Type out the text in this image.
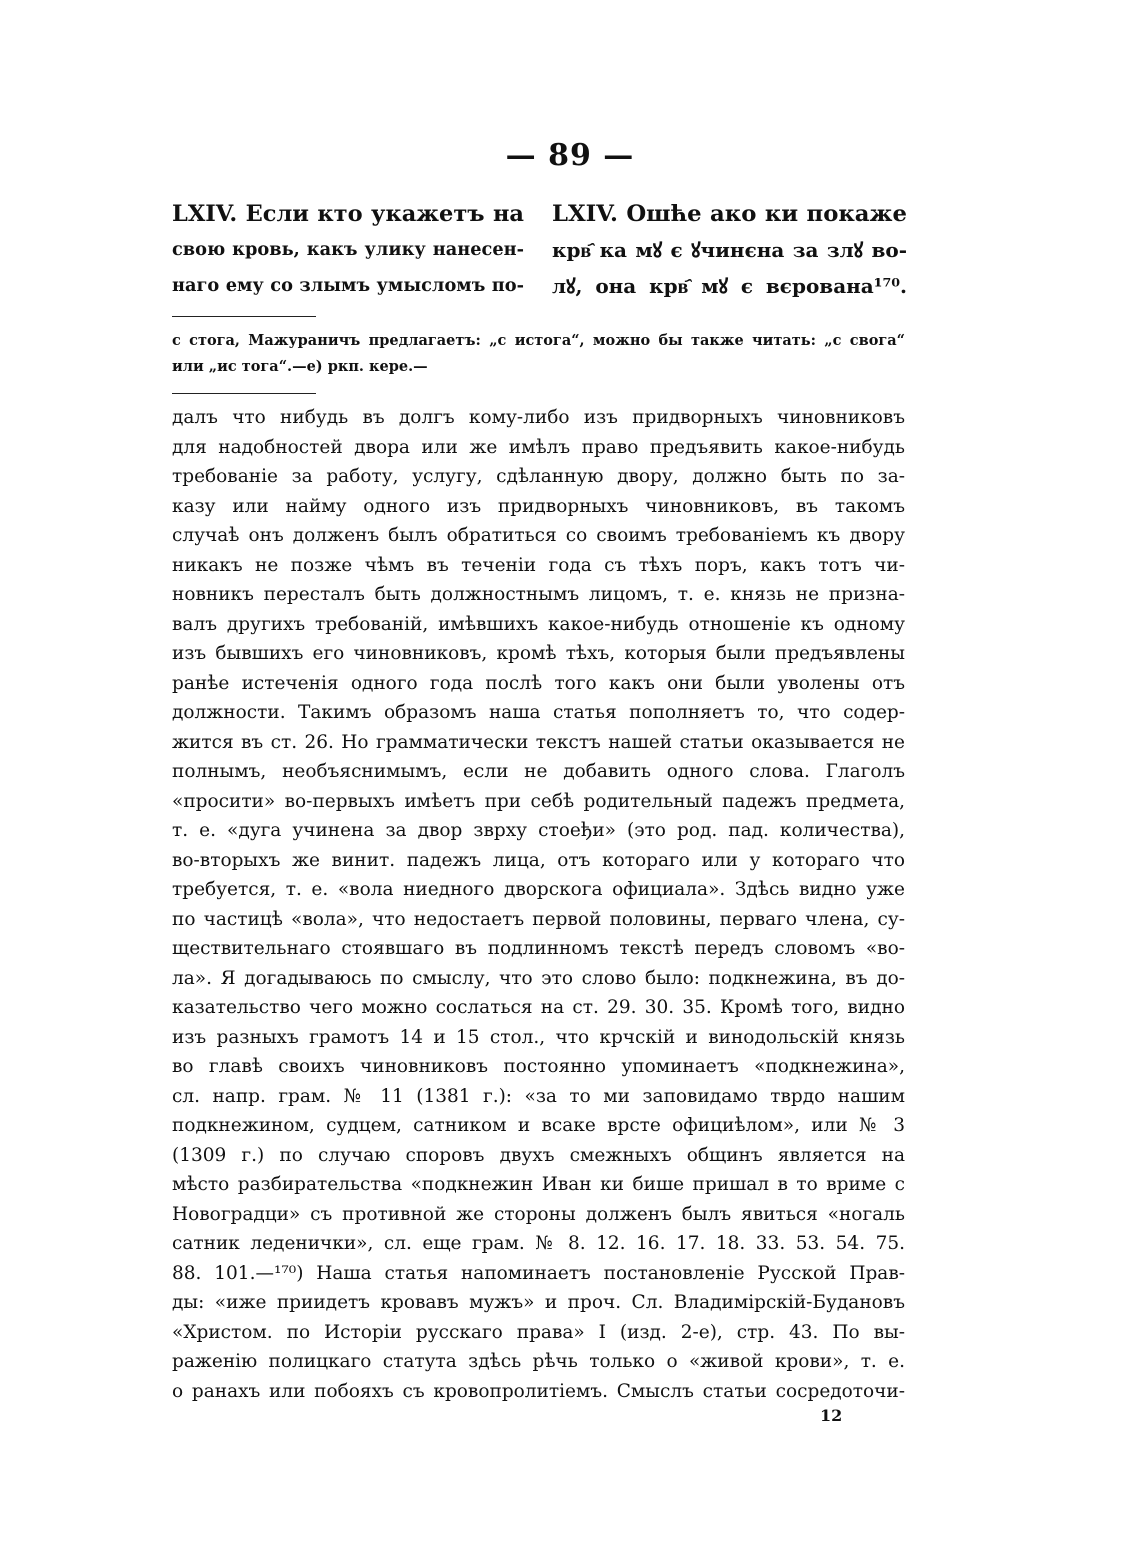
— 89 —
LXIV. Если кто укажетъ на
свою кровь, какъ улику нанесен-
наго ему со злымъ умысломъ по-
LXIV. Ошће ако ки покаже
крв҄ ка мꙋ є ꙋчинєна за злꙋ во-
лꙋ, она крв҄ мꙋ є вєрована¹⁷⁰.
с стога, Мажураничъ предлагаетъ: „с истога“, можно бы также читать: „с свога“
или „ис тога“.—е) ркп. кере.—
далъ что нибудь въ долгъ кому-либо изъ придворныхъ чиновниковъ
для надобностей двора или же имѣлъ право предъявить какое-нибудь
требованіе за работу, услугу, сдѣланную двору, должно быть по за-
казу или найму одного изъ придворныхъ чиновниковъ, въ такомъ
случаѣ онъ долженъ былъ обратиться со своимъ требованіемъ къ двору
никакъ не позже чѣмъ въ теченіи года съ тѣхъ поръ, какъ тотъ чи-
новникъ пересталъ быть должностнымъ лицомъ, т. е. князь не призна-
валъ другихъ требованій, имѣвшихъ какое-нибудь отношеніе къ одному
изъ бывшихъ его чиновниковъ, кромѣ тѣхъ, которыя были предъявлены
ранѣе истеченія одного года послѣ того какъ они были уволены отъ
должности. Такимъ образомъ наша статья пополняетъ то, что содер-
жится въ ст. 26. Но грамматически текстъ нашей статьи оказывается не
полнымъ, необъяснимымъ, если не добавить одного слова. Глаголъ
«просити» во-первыхъ имѣетъ при себѣ родительный падежъ предмета,
т. е. «дуга учинена за двор зврху стоеђи» (это род. пад. количества),
во-вторыхъ же винит. падежъ лица, отъ котораго или у котораго что
требуется, т. е. «вола ниедного дворскога официала». Здѣсь видно уже
по частицѣ «вола», что недостаетъ первой половины, перваго члена, су-
ществительнаго стоявшаго въ подлинномъ текстѣ передъ словомъ «во-
ла». Я догадываюсь по смыслу, что это слово было: подкнежина, въ до-
казательство чего можно сослаться на ст. 29. 30. 35. Кромѣ того, видно
изъ разныхъ грамотъ 14 и 15 стол., что крчскій и винодольскій князь
во главѣ своихъ чиновниковъ постоянно упоминаетъ «подкнежина»,
сл. напр. грам. № 11 (1381 г.): «за то ми заповидамо тврдо нашим
подкнежином, судцем, сатником и всаке врсте официѣлом», или № 3
(1309 г.) по случаю споровъ двухъ смежныхъ общинъ является на
мѣсто разбирательства «подкнежин Иван ки бише пришал в то вриме с
Новоградци» съ противной же стороны долженъ былъ явиться «ногаль
сатник леденички», сл. еще грам. № 8. 12. 16. 17. 18. 33. 53. 54. 75.
88. 101.—¹⁷⁰) Наша статья напоминаетъ постановленіе Русской Прав-
ды: «иже приидетъ кровавъ мужъ» и проч. Сл. Владимірскій-Будановъ
«Христом. по Исторіи русскаго права» I (изд. 2-е), стр. 43. По вы-
раженію полицкаго статута здѣсь рѣчь только о «живой крови», т. е.
о ранахъ или побояхъ съ кровопролитіемъ. Смыслъ статьи сосредоточи-
12
